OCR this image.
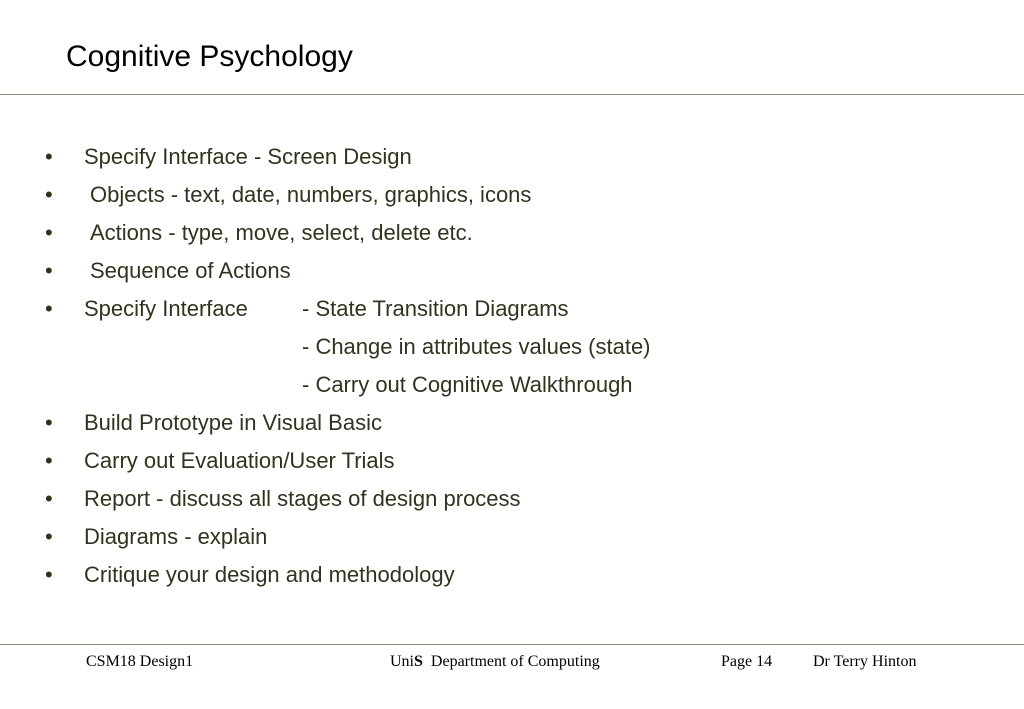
Cognitive Psychology
• Specify Interface - Screen Design
• Objects - text, date, numbers, graphics, icons
• Actions - type, move, select, delete etc.
• Sequence of Actions
• Specify Interface - State Transition Diagrams
- Change in attributes values (state)
- Carry out Cognitive Walkthrough
• Build Prototype in Visual Basic
• Carry out Evaluation/User Trials
• Report - discuss all stages of design process
• Diagrams - explain
• Critique your design and methodology
CSM18 Design1	UniS Department of Computing	Page 14	Dr Terry Hinton
